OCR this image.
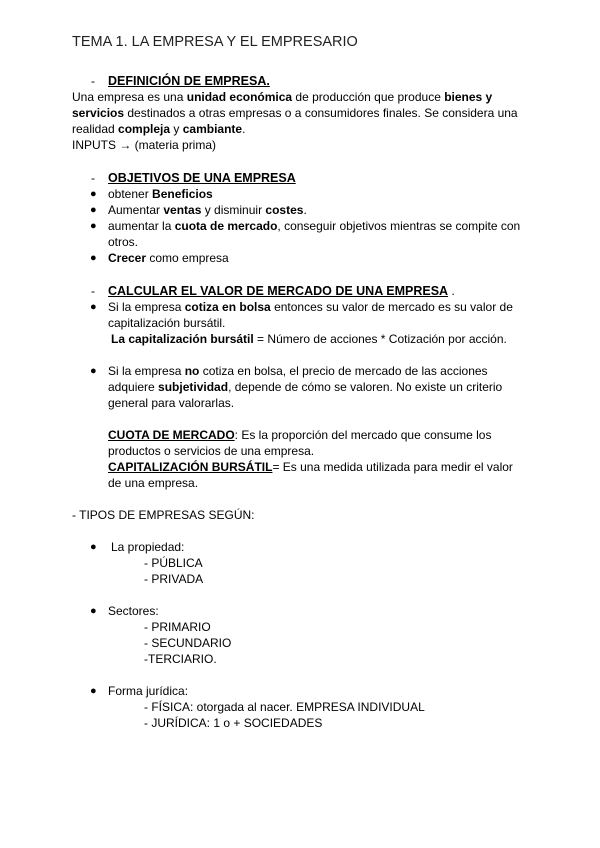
TEMA 1. LA EMPRESA Y EL EMPRESARIO
- DEFINICIÓN DE EMPRESA.
Una empresa es una unidad económica de producción que produce bienes y
servicios destinados a otras empresas o a consumidores finales. Se considera una
realidad compleja y cambiante.
INPUTS → (materia prima)
- OBJETIVOS DE UNA EMPRESA
● obtener Beneficios
● Aumentar ventas y disminuir costes.
● aumentar la cuota de mercado, conseguir objetivos mientras se compite con
otros.
● Crecer como empresa
- CALCULAR EL VALOR DE MERCADO DE UNA EMPRESA .
● Si la empresa cotiza en bolsa entonces su valor de mercado es su valor de
capitalización bursátil.
La capitalización bursátil = Número de acciones * Cotización por acción.
● Si la empresa no cotiza en bolsa, el precio de mercado de las acciones
adquiere subjetividad, depende de cómo se valoren. No existe un criterio
general para valorarlas.
CUOTA DE MERCADO: Es la proporción del mercado que consume los
productos o servicios de una empresa.
CAPITALIZACIÓN BURSÁTIL= Es una medida utilizada para medir el valor
de una empresa.
- TIPOS DE EMPRESAS SEGÚN:
● La propiedad:
- PÚBLICA
- PRIVADA
● Sectores:
- PRIMARIO
- SECUNDARIO
-TERCIARIO.
● Forma jurídica:
- FÍSICA: otorgada al nacer. EMPRESA INDIVIDUAL
- JURÍDICA: 1 o + SOCIEDADES
